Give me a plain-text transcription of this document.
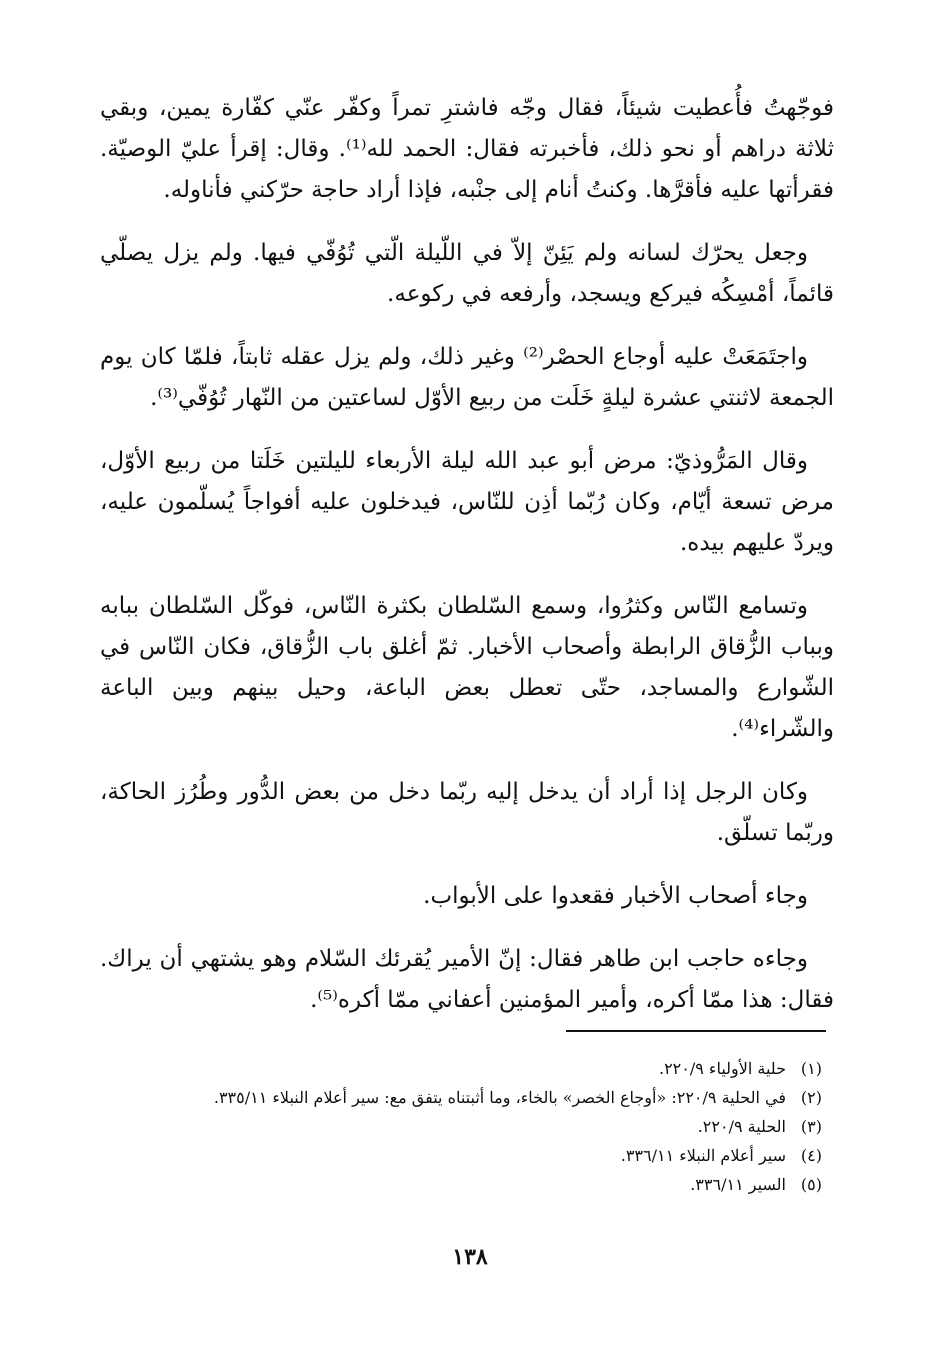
فوجّهتُ فأُعطيت شيئاً، فقال وجّه فاشترِ تمراً وكفّر عنّي كفّارة يمين، وبقي ثلاثة دراهم أو نحو ذلك، فأخبرته فقال: الحمد لله⁽¹⁾. وقال: إقرأ عليّ الوصيّة. فقرأتها عليه فأقرَّها. وكنتُ أنام إلى جنْبه، فإذا أراد حاجة حرّكني فأناوله.

وجعل يحرّك لسانه ولم يَئِنّ إلاّ في اللّيلة الّتي تُوُفّي فيها. ولم يزل يصلّي قائماً، أمْسِكُه فيركع ويسجد، وأرفعه في ركوعه.

واجتَمَعَتْ عليه أوجاع الحصْر⁽²⁾ وغير ذلك، ولم يزل عقله ثابتاً، فلمّا كان يوم الجمعة لاثنتي عشرة ليلةٍ خَلَت من ربيع الأوّل لساعتين من النّهار تُوُفّي⁽³⁾.

وقال المَرُّوذيّ: مرض أبو عبد الله ليلة الأربعاء لليلتين خَلَتا من ربيع الأوّل، مرض تسعة أيّام، وكان رُبّما أذِن للنّاس، فيدخلون عليه أفواجاً يُسلّمون عليه، ويردّ عليهم بيده.

وتسامع النّاس وكثرُوا، وسمع السّلطان بكثرة النّاس، فوكّل السّلطان ببابه وبباب الزُّقاق الرابطة وأصحاب الأخبار. ثمّ أغلق باب الزُّقاق، فكان النّاس في الشّوارع والمساجد، حتّى تعطل بعض الباعة، وحيل بينهم وبين الباعة والشّراء⁽⁴⁾.

وكان الرجل إذا أراد أن يدخل إليه ربّما دخل من بعض الدُّور وطُرُز الحاكة، وربّما تسلّق.

وجاء أصحاب الأخبار فقعدوا على الأبواب.

وجاءه حاجب ابن طاهر فقال: إنّ الأمير يُقرئك السّلام وهو يشتهي أن يراك. فقال: هذا ممّا أكره، وأمير المؤمنين أعفاني ممّا أكره⁽⁵⁾.

(١)حلية الأولياء ٢٢٠/٩.
(٢)في الحلية ٢٢٠/٩: «أوجاع الخصر» بالخاء، وما أثبتناه يتفق مع: سير أعلام النبلاء ٣٣٥/١١.
(٣)الحلية ٢٢٠/٩.
(٤)سير أعلام النبلاء ٣٣٦/١١.
(٥)السير ٣٣٦/١١.
١٣٨
